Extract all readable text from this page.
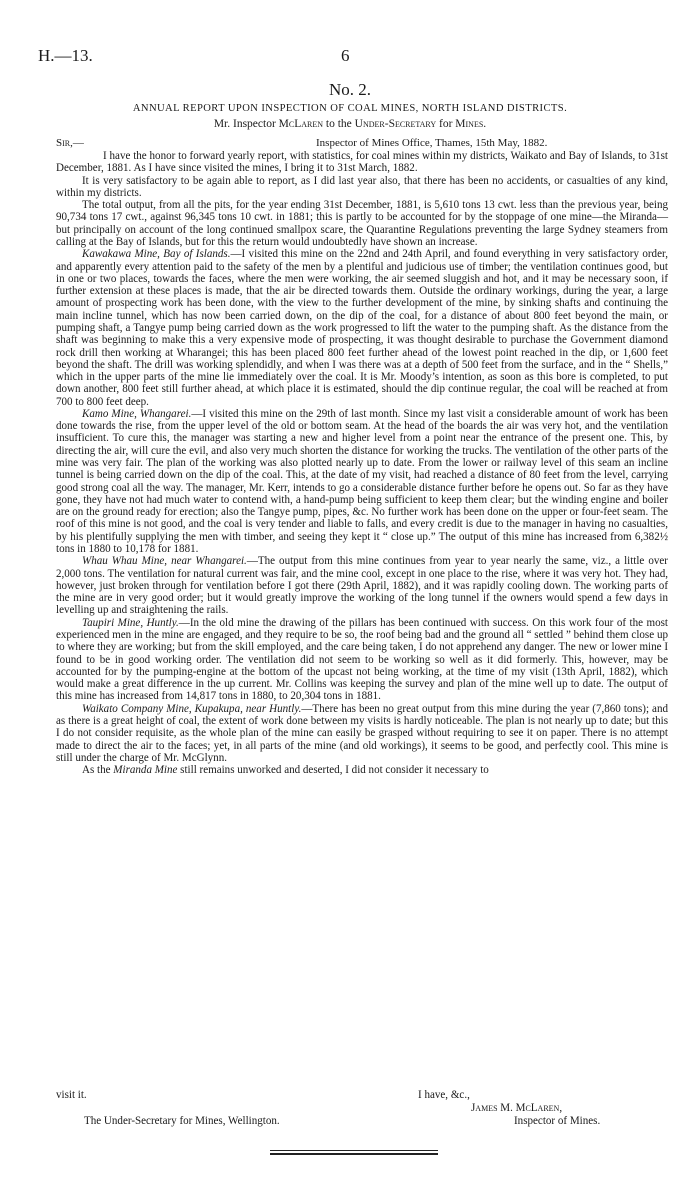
H.—13.	6
No. 2.
ANNUAL REPORT UPON INSPECTION OF COAL MINES, NORTH ISLAND DISTRICTS.
Mr. Inspector McLaren to the Under-Secretary for Mines.
Sir,—	Inspector of Mines Office, Thames, 15th May, 1882.

I have the honor to forward yearly report, with statistics, for coal mines within my districts, Waikato and Bay of Islands, to 31st December, 1881. As I have since visited the mines, I bring it to 31st March, 1882.

It is very satisfactory to be again able to report, as I did last year also, that there has been no accidents, or casualties of any kind, within my districts.

The total output, from all the pits, for the year ending 31st December, 1881, is 5,610 tons 13 cwt. less than the previous year, being 90,734 tons 17 cwt., against 96,345 tons 10 cwt. in 1881; this is partly to be accounted for by the stoppage of one mine—the Miranda—but principally on account of the long continued smallpox scare, the Quarantine Regulations preventing the large Sydney steamers from calling at the Bay of Islands, but for this the return would undoubtedly have shown an increase.

Kawakawa Mine, Bay of Islands.—I visited this mine on the 22nd and 24th April, and found everything in very satisfactory order, and apparently every attention paid to the safety of the men by a plentiful and judicious use of timber; the ventilation continues good, but in one or two places, towards the faces, where the men were working, the air seemed sluggish and hot, and it may be necessary soon, if further extension at these places is made, that the air be directed towards them. Outside the ordinary workings, during the year, a large amount of prospecting work has been done, with the view to the further development of the mine, by sinking shafts and continuing the main incline tunnel, which has now been carried down, on the dip of the coal, for a distance of about 800 feet beyond the main, or pumping shaft, a Tangye pump being carried down as the work progressed to lift the water to the pumping shaft. As the distance from the shaft was beginning to make this a very expensive mode of prospecting, it was thought desirable to purchase the Government diamond rock drill then working at Wharangei; this has been placed 800 feet further ahead of the lowest point reached in the dip, or 1,600 feet beyond the shaft. The drill was working splendidly, and when I was there was at a depth of 500 feet from the surface, and in the “ Shells,” which in the upper parts of the mine lie immediately over the coal. It is Mr. Moody’s intention, as soon as this bore is completed, to put down another, 800 feet still further ahead, at which place it is estimated, should the dip continue regular, the coal will be reached at from 700 to 800 feet deep.

Kamo Mine, Whangarei.—I visited this mine on the 29th of last month. Since my last visit a considerable amount of work has been done towards the rise, from the upper level of the old or bottom seam. At the head of the boards the air was very hot, and the ventilation insufficient. To cure this, the manager was starting a new and higher level from a point near the entrance of the present one. This, by directing the air, will cure the evil, and also very much shorten the distance for working the trucks. The ventilation of the other parts of the mine was very fair. The plan of the working was also plotted nearly up to date. From the lower or railway level of this seam an incline tunnel is being carried down on the dip of the coal. This, at the date of my visit, had reached a distance of 80 feet from the level, carrying good strong coal all the way. The manager, Mr. Kerr, intends to go a considerable distance further before he opens out. So far as they have gone, they have not had much water to contend with, a hand-pump being sufficient to keep them clear; but the winding engine and boiler are on the ground ready for erection; also the Tangye pump, pipes, &c. No further work has been done on the upper or four-feet seam. The roof of this mine is not good, and the coal is very tender and liable to falls, and every credit is due to the manager in having no casualties, by his plentifully supplying the men with timber, and seeing they kept it “ close up.” The output of this mine has increased from 6,382½ tons in 1880 to 10,178 for 1881.

Whau Whau Mine, near Whangarei.—The output from this mine continues from year to year nearly the same, viz., a little over 2,000 tons. The ventilation for natural current was fair, and the mine cool, except in one place to the rise, where it was very hot. They had, however, just broken through for ventilation before I got there (29th April, 1882), and it was rapidly cooling down. The working parts of the mine are in very good order; but it would greatly improve the working of the long tunnel if the owners would spend a few days in levelling up and straightening the rails.

Taupiri Mine, Huntly.—In the old mine the drawing of the pillars has been continued with success. On this work four of the most experienced men in the mine are engaged, and they require to be so, the roof being bad and the ground all “ settled ” behind them close up to where they are working; but from the skill employed, and the care being taken, I do not apprehend any danger. The new or lower mine I found to be in good working order. The ventilation did not seem to be working so well as it did formerly. This, however, may be accounted for by the pumping-engine at the bottom of the upcast not being working, at the time of my visit (13th April, 1882), which would make a great difference in the up current. Mr. Collins was keeping the survey and plan of the mine well up to date. The output of this mine has increased from 14,817 tons in 1880, to 20,304 tons in 1881.

Waikato Company Mine, Kupakupa, near Huntly.—There has been no great output from this mine during the year (7,860 tons); and as there is a great height of coal, the extent of work done between my visits is hardly noticeable. The plan is not nearly up to date; but this I do not consider requisite, as the whole plan of the mine can easily be grasped without requiring to see it on paper. There is no attempt made to direct the air to the faces; yet, in all parts of the mine (and old workings), it seems to be good, and perfectly cool. This mine is still under the charge of Mr. McGlynn.

As the Miranda Mine still remains unworked and deserted, I did not consider it necessary to

visit it.	I have, &c.,
James M. McLaren,
Inspector of Mines.
The Under-Secretary for Mines, Wellington.
